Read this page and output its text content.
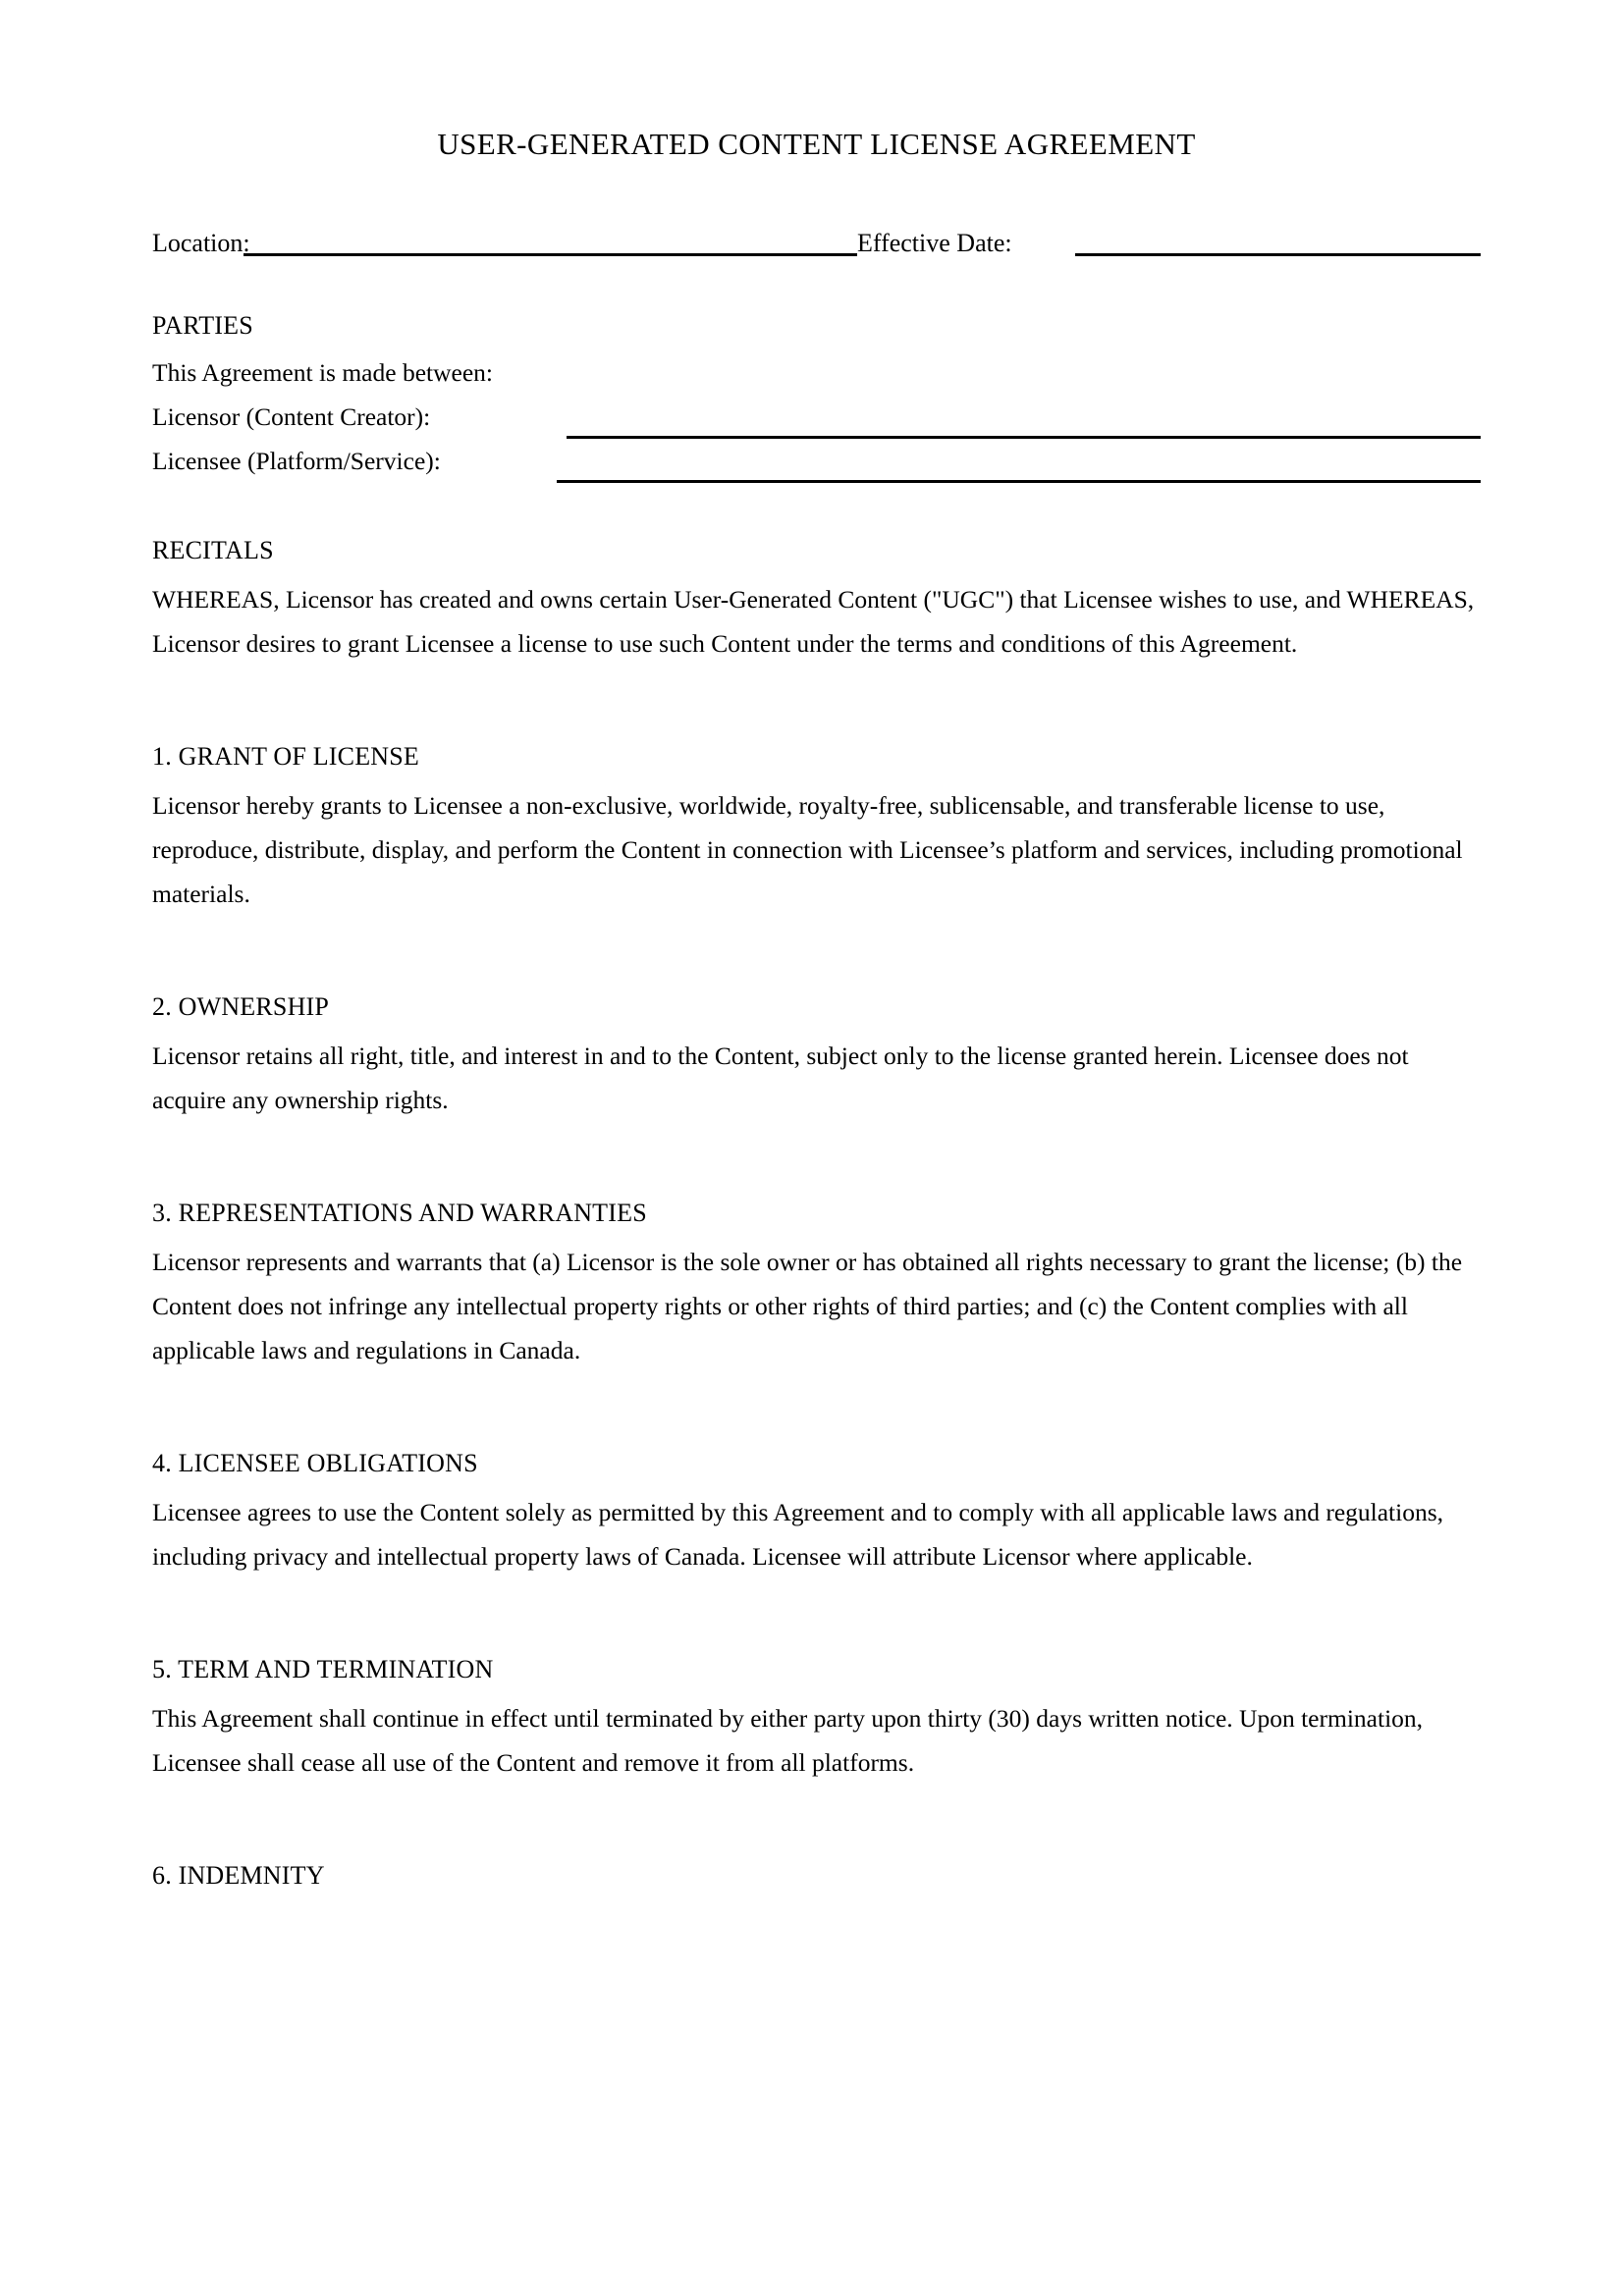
USER-GENERATED CONTENT LICENSE AGREEMENT
Location:	Effective Date:
PARTIES
This Agreement is made between:
Licensor (Content Creator):
Licensee (Platform/Service):
RECITALS

WHEREAS, Licensor has created and owns certain User-Generated Content ("UGC") that Licensee wishes to use, and WHEREAS, Licensor desires to grant Licensee a license to use such Content under the terms and conditions of this Agreement.

1. GRANT OF LICENSE

Licensor hereby grants to Licensee a non-exclusive, worldwide, royalty-free, sublicensable, and transferable license to use, reproduce, distribute, display, and perform the Content in connection with Licensee’s platform and services, including promotional materials.

2. OWNERSHIP

Licensor retains all right, title, and interest in and to the Content, subject only to the license granted herein. Licensee does not acquire any ownership rights.

3. REPRESENTATIONS AND WARRANTIES

Licensor represents and warrants that (a) Licensor is the sole owner or has obtained all rights necessary to grant the license; (b) the Content does not infringe any intellectual property rights or other rights of third parties; and (c) the Content complies with all applicable laws and regulations in Canada.

4. LICENSEE OBLIGATIONS

Licensee agrees to use the Content solely as permitted by this Agreement and to comply with all applicable laws and regulations, including privacy and intellectual property laws of Canada. Licensee will attribute Licensor where applicable.

5. TERM AND TERMINATION

This Agreement shall continue in effect until terminated by either party upon thirty (30) days written notice. Upon termination, Licensee shall cease all use of the Content and remove it from all platforms.

6. INDEMNITY
